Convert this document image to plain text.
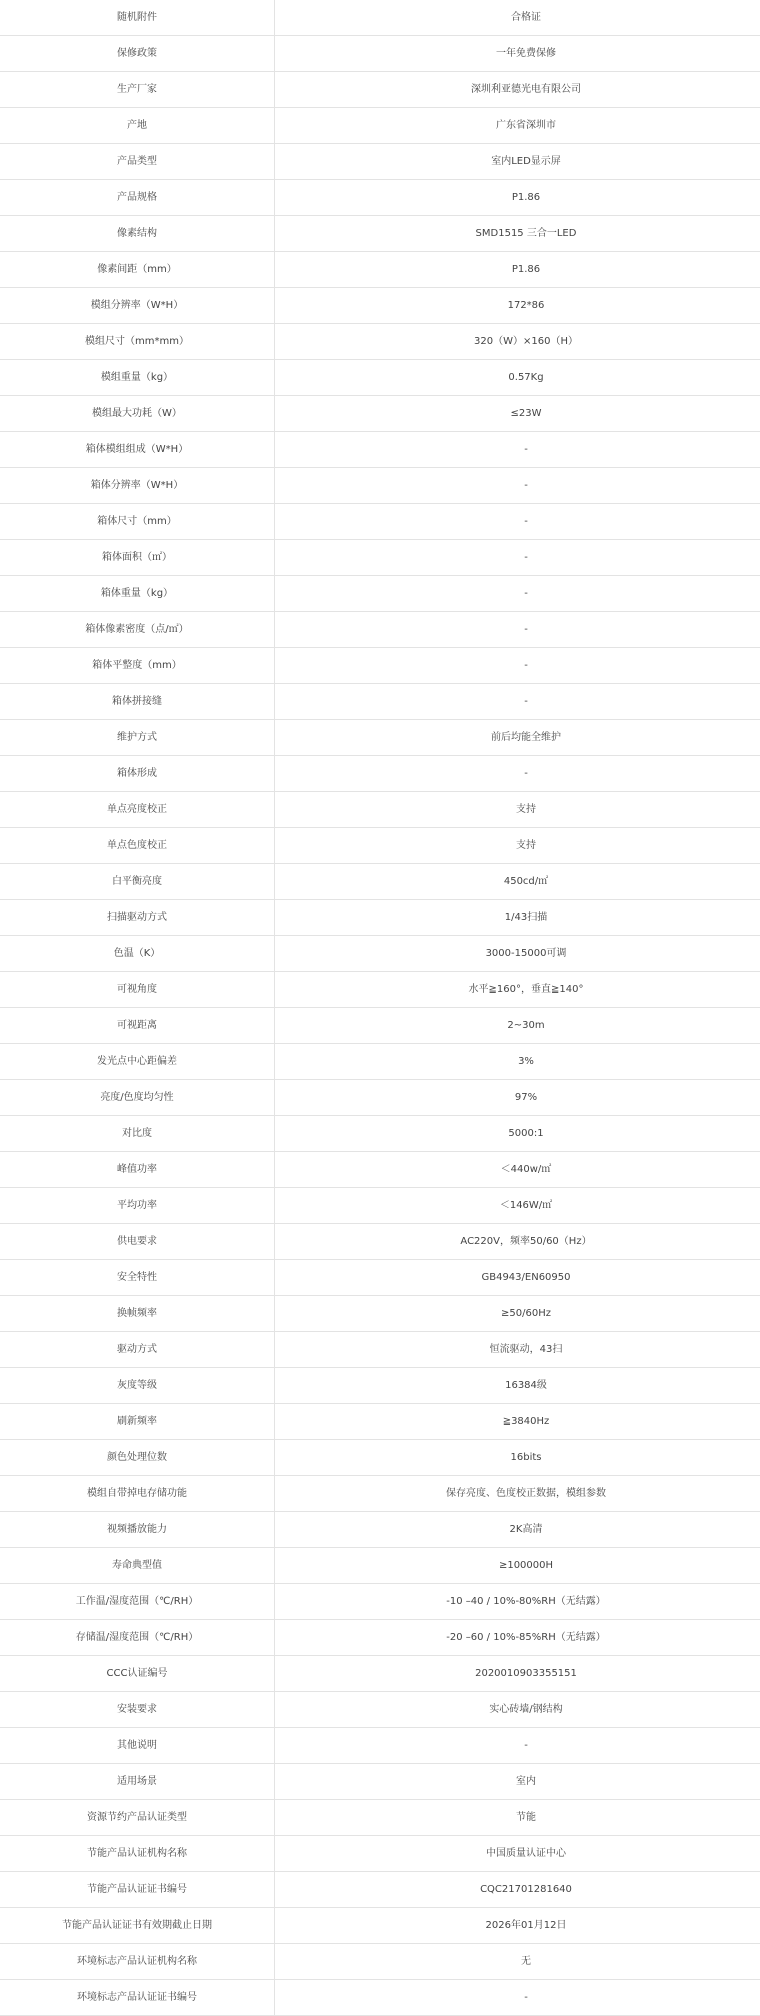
随机附件	合格证
保修政策	一年免费保修
生产厂家	深圳利亚德光电有限公司
产地	广东省深圳市
产品类型	室内LED显示屏
产品规格	P1.86
像素结构	SMD1515 三合一LED
像素间距（mm）	P1.86
模组分辨率（W*H）	172*86
模组尺寸（mm*mm）	320（W）×160（H）
模组重量（kg）	0.57Kg
模组最大功耗（W）	≤23W
箱体模组组成（W*H）	-
箱体分辨率（W*H）	-
箱体尺寸（mm）	-
箱体面积（㎡）	-
箱体重量（kg）	-
箱体像素密度（点/㎡）	-
箱体平整度（mm）	-
箱体拼接缝	-
维护方式	前后均能全维护
箱体形成	-
单点亮度校正	支持
单点色度校正	支持
白平衡亮度	450cd/㎡
扫描驱动方式	1/43扫描
色温（K）	3000-15000可调
可视角度	水平≧160°，垂直≧140°
可视距离	2~30m
发光点中心距偏差	3%
亮度/色度均匀性	97%
对比度	5000:1
峰值功率	＜440w/㎡
平均功率	＜146W/㎡
供电要求	AC220V，频率50/60（Hz）
安全特性	GB4943/EN60950
换帧频率	≥50/60Hz
驱动方式	恒流驱动，43扫
灰度等级	16384级
刷新频率	≧3840Hz
颜色处理位数	16bits
模组自带掉电存储功能	保存亮度、色度校正数据，模组参数
视频播放能力	2K高清
寿命典型值	≥100000H
工作温/湿度范围（℃/RH）	-10 –40 / 10%-80%RH（无结露）
存储温/湿度范围（℃/RH）	-20 –60 / 10%-85%RH（无结露）
CCC认证编号	2020010903355151
安装要求	实心砖墙/钢结构
其他说明	-
适用场景	室内
资源节约产品认证类型	节能
节能产品认证机构名称	中国质量认证中心
节能产品认证证书编号	CQC21701281640
节能产品认证证书有效期截止日期	2026年01月12日
环境标志产品认证机构名称	无
环境标志产品认证证书编号	-
